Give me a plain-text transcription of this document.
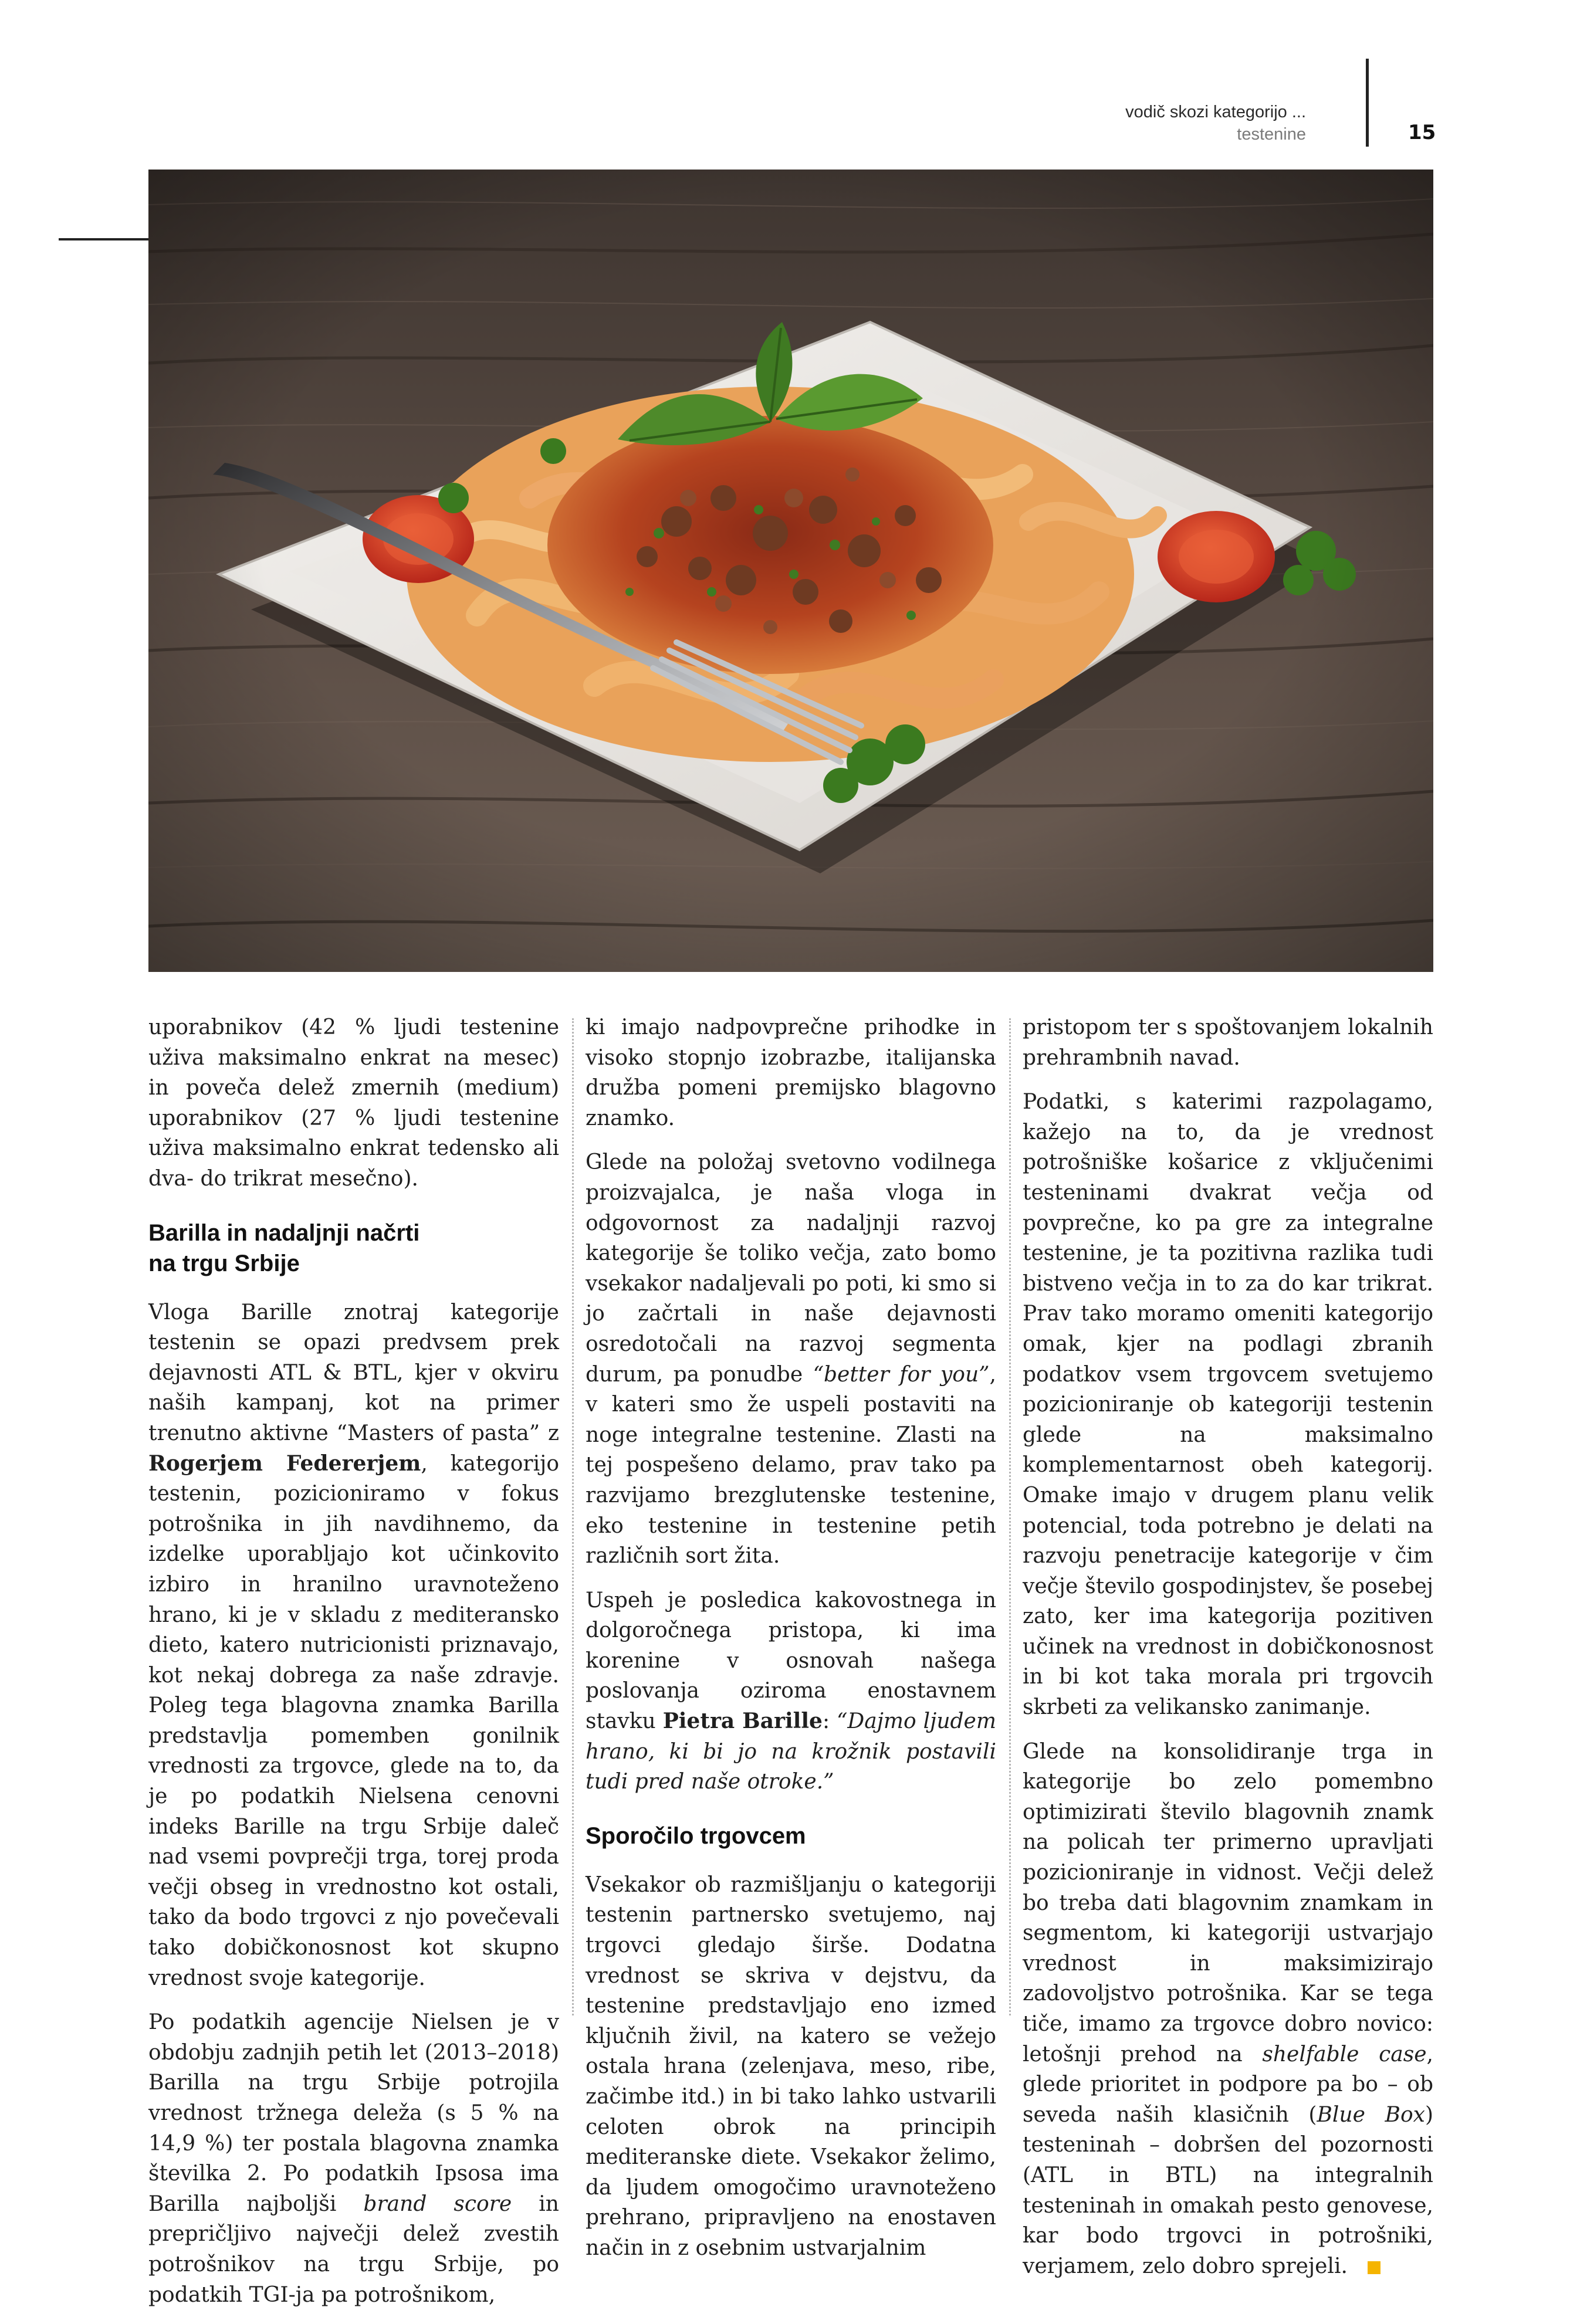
vodič skozi kategorijo ...
testenine	15

uporabnikov (42 % ljudi testenine uživa maksimalno enkrat na mesec) in poveča delež zmernih (medium) uporabnikov (27 % ljudi testenine uživa maksimalno enkrat tedensko ali dva- do trikrat mesečno).

Barilla in nadaljnji načrti
na trgu Srbije

Vloga Barille znotraj kategorije testenin se opazi predvsem prek dejavnosti ATL & BTL, kjer v okviru naših kampanj, kot na primer trenutno aktivne “Masters of pasta” z Rogerjem Federerjem, kategorijo testenin, pozicioniramo v fokus potrošnika in jih navdihnemo, da izdelke uporabljajo kot učinkovito izbiro in hranilno uravnoteženo hrano, ki je v skladu z mediteransko dieto, katero nutricionisti priznavajo, kot nekaj dobrega za naše zdravje. Poleg tega blagovna znamka Barilla predstavlja pomemben gonilnik vrednosti za trgovce, glede na to, da je po podatkih Nielsena cenovni indeks Barille na trgu Srbije daleč nad vsemi povprečji trga, torej proda večji obseg in vrednostno kot ostali, tako da bodo trgovci z njo povečevali tako dobičkonosnost kot skupno vrednost svoje kategorije.

Po podatkih agencije Nielsen je v obdobju zadnjih petih let (2013–2018) Barilla na trgu Srbije potrojila vrednost tržnega deleža (s 5 % na 14,9 %) ter postala blagovna znamka številka 2. Po podatkih Ipsosa ima Barilla najboljši brand score in prepričljivo največji delež zvestih potrošnikov na trgu Srbije, po podatkih TGI-ja pa potrošnikom,

ki imajo nadpovprečne prihodke in visoko stopnjo izobrazbe, italijanska družba pomeni premijsko blagovno znamko.

Glede na položaj svetovno vodilnega proizvajalca, je naša vloga in odgovornost za nadaljnji razvoj kategorije še toliko večja, zato bomo vsekakor nadaljevali po poti, ki smo si jo začrtali in naše dejavnosti osredotočali na razvoj segmenta durum, pa ponudbe “better for you”, v kateri smo že uspeli postaviti na noge integralne testenine. Zlasti na tej pospešeno delamo, prav tako pa razvijamo brezglutenske testenine, eko testenine in testenine petih različnih sort žita.

Uspeh je posledica kakovostnega in dolgoročnega pristopa, ki ima korenine v osnovah našega poslovanja oziroma enostavnem stavku Pietra Barille: “Dajmo ljudem hrano, ki bi jo na krožnik postavili tudi pred naše otroke.”

Sporočilo trgovcem

Vsekakor ob razmišljanju o kategoriji testenin partnersko svetujemo, naj trgovci gledajo širše. Dodatna vrednost se skriva v dejstvu, da testenine predstavljajo eno izmed ključnih živil, na katero se vežejo ostala hrana (zelenjava, meso, ribe, začimbe itd.) in bi tako lahko ustvarili celoten obrok na principih mediteranske diete. Vsekakor želimo, da ljudem omogočimo uravnoteženo prehrano, pripravljeno na enostaven način in z osebnim ustvarjalnim

pristopom ter s spoštovanjem lokalnih prehrambnih navad.

Podatki, s katerimi razpolagamo, kažejo na to, da je vrednost potrošniške košarice z vključenimi testeninami dvakrat večja od povprečne, ko pa gre za integralne testenine, je ta pozitivna razlika tudi bistveno večja in to za do kar trikrat. Prav tako moramo omeniti kategorijo omak, kjer na podlagi zbranih podatkov vsem trgovcem svetujemo pozicioniranje ob kategoriji testenin glede na maksimalno komplementarnost obeh kategorij. Omake imajo v drugem planu velik potencial, toda potrebno je delati na razvoju penetracije kategorije v čim večje število gospodinjstev, še posebej zato, ker ima kategorija pozitiven učinek na vrednost in dobičkonosnost in bi kot taka morala pri trgovcih skrbeti za velikansko zanimanje.

Glede na konsolidiranje trga in kategorije bo zelo pomembno optimizirati število blagovnih znamk na policah ter primerno upravljati pozicioniranje in vidnost. Večji delež bo treba dati blagovnim znamkam in segmentom, ki kategoriji ustvarjajo vrednost in maksimizirajo zadovoljstvo potrošnika. Kar se tega tiče, imamo za trgovce dobro novico: letošnji prehod na shelfable case, glede prioritet in podpore pa bo – ob seveda naših klasičnih (Blue Box) testeninah – dobršen del pozornosti (ATL in BTL) na integralnih testeninah in omakah pesto genovese, kar bodo trgovci in potrošniki, verjamem, zelo dobro sprejeli.
